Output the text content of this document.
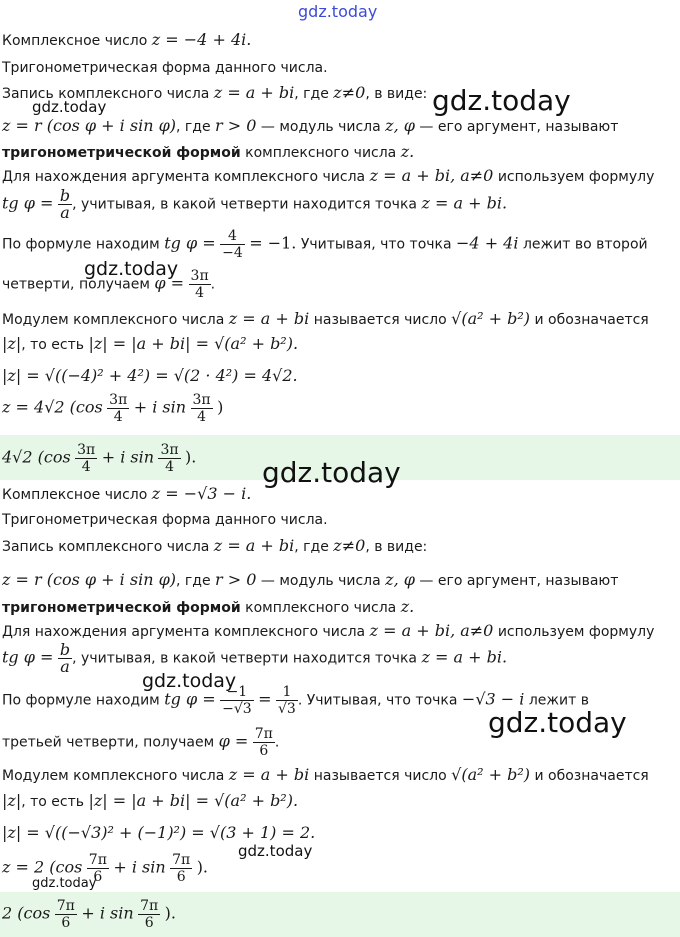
gdz.today
Комплексное число z = −4 + 4i.
Тригонометрическая форма данного числа.
Запись комплексного числа z = a + bi, где z≠0, в виде:
z = r (cos φ + i sin φ), где r > 0 — модуль числа z, φ — его аргумент, называют
тригонометрической формой комплексного числа z.
Для нахождения аргумента комплексного числа z = a + bi, a≠0 используем формулу
tg $\varphi = \frac{b}{a}$ , учитывая, в какой четверти находится точка z = a + bi.
По формуле находим tg $\varphi = \frac{4}{-4} = -1$. Учитывая, что точка −4 + 4i лежит во второй
четверти, получаем $\varphi = \frac{3\pi}{4}$ .
Модулем комплексного числа z = a + bi называется число √(a² + b²) и обозначается
|z|, то есть |z| = |a + bi| = √(a² + b²).
|z| = √((−4)² + 4²) = √(2 · 4²) = 4√2.
z = 4√2 ($\cos \frac{3\pi}{4} + i$ $\sin \frac{3\pi}{4}$ )
4√2 ($\cos \frac{3\pi}{4} + i$ $\sin \frac{3\pi}{4}$ ).
Комплексное число z = −√3 − i.
Тригонометрическая форма данного числа.
Запись комплексного числа z = a + bi, где z≠0, в виде:
z = r (cos φ + i sin φ), где r > 0 — модуль числа z, φ — его аргумент, называют
тригонометрической формой комплексного числа z.
Для нахождения аргумента комплексного числа z = a + bi, a≠0 используем формулу
tg $\varphi = \frac{b}{a}$ , учитывая, в какой четверти находится точка z = a + bi.
По формуле находим tg $\varphi = \frac{-1}{-√3} = \frac{1}{√3}$ . Учитывая, что точка −√3 − i лежит в
третьей четверти, получаем $\varphi = \frac{7\pi}{6}$ .
Модулем комплексного числа z = a + bi называется число √(a² + b²) и обозначается
|z|, то есть |z| = |a + bi| = √(a² + b²).
|z| = √((−√3)² + (−1)²) = √(3 + 1) = 2.
z = 2 ($\cos \frac{7\pi}{6} + i$ $\sin \frac{7\pi}{6}$ ).
2 ($\cos \frac{7\pi}{6} + i$ $\sin \frac{7\pi}{6}$ ).
gdz.today
gdz.today
gdz.today
gdz.today
gdz.today
gdz.today
gdz.today
gdz.today
